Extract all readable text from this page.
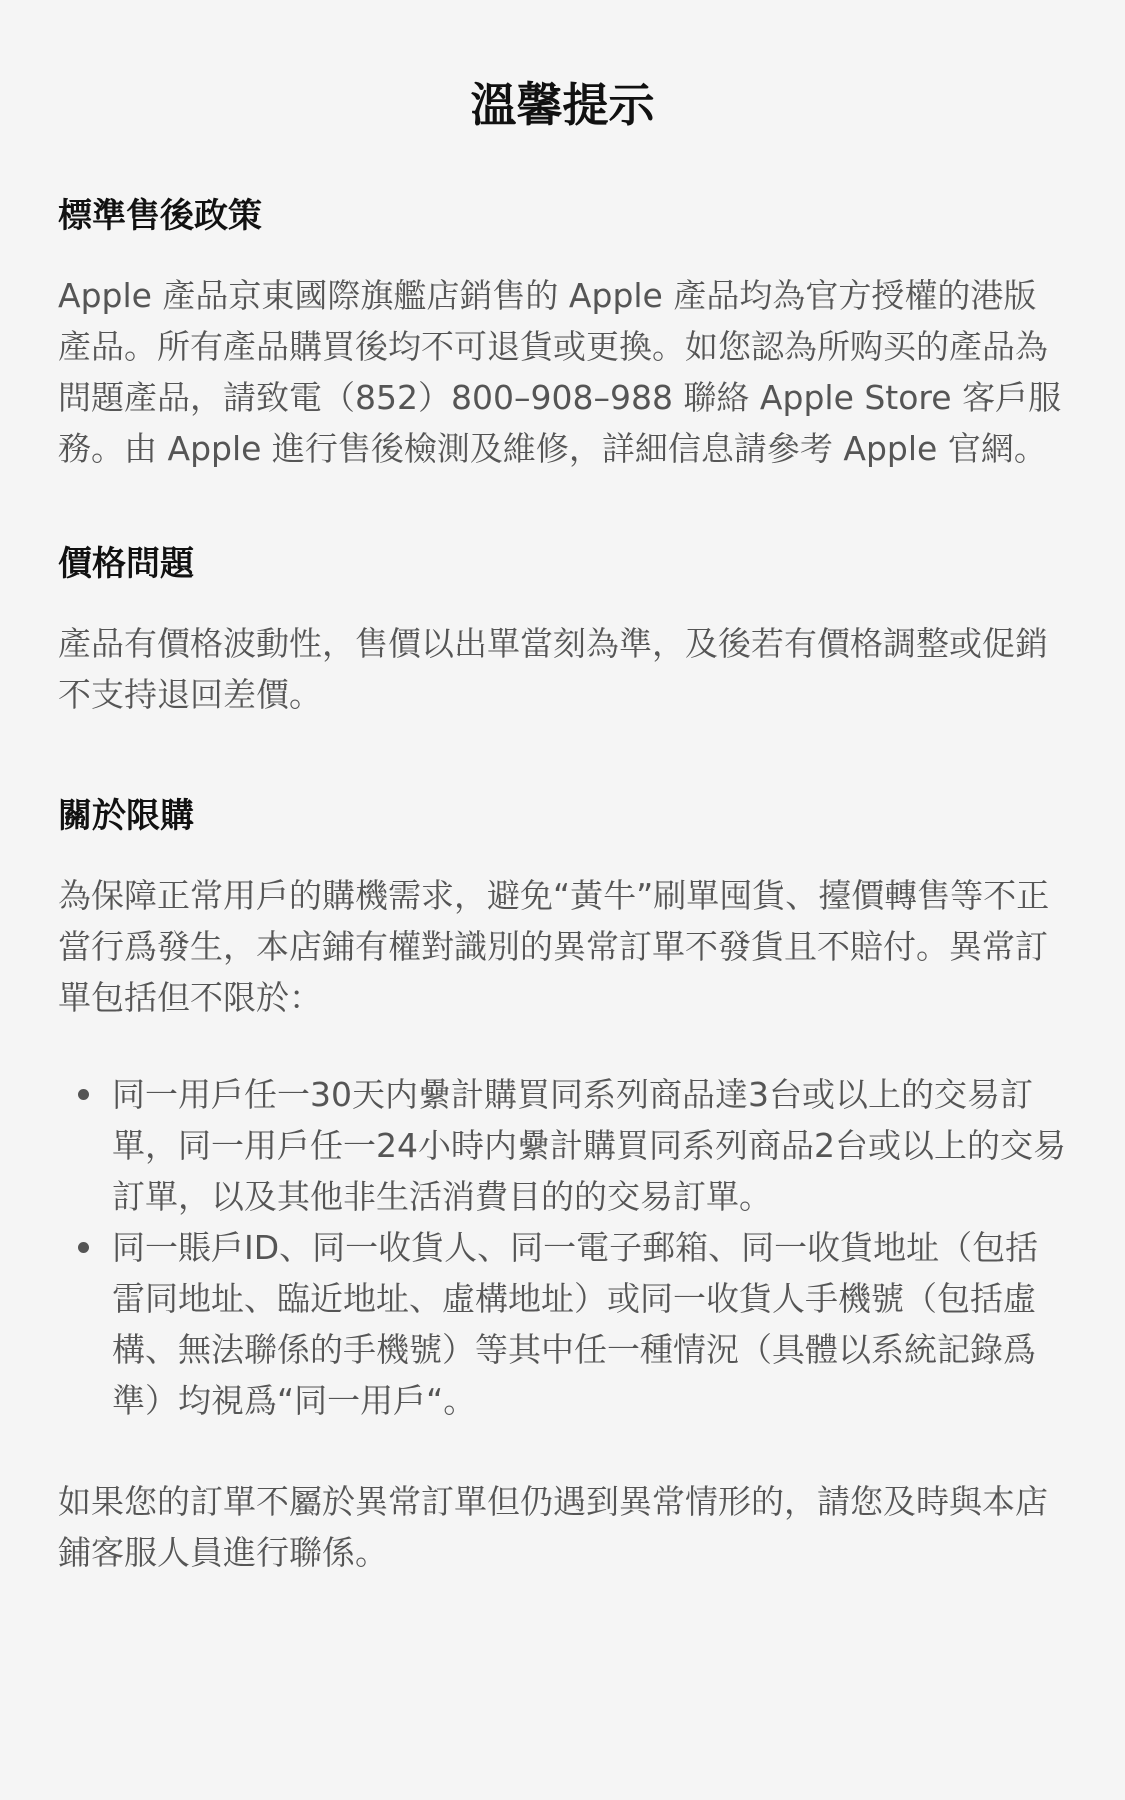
溫馨提示
標準售後政策

Apple 產品京東國際旗艦店銷售的 Apple 產品均為官方授權的港版產品。所有產品購買後均不可退貨或更換。如您認為所购买的產品為問題產品，請致電（852）800–908–988 聯絡 Apple Store 客戶服務。由 Apple 進行售後檢測及維修，詳細信息請參考 Apple 官網。

價格問題

產品有價格波動性，售價以出單當刻為準，及後若有價格調整或促銷不支持退回差價。

關於限購

為保障正常用戶的購機需求，避免“黃牛”刷單囤貨、擡價轉售等不正當行爲發生，本店鋪有權對識別的異常訂單不發貨且不賠付。異常訂單包括但不限於：

同一用戶任一30天内纍計購買同系列商品達3台或以上的交易訂單，同一用戶任一24小時内纍計購買同系列商品2台或以上的交易訂單，以及其他非生活消費目的的交易訂單。
同一賬戶ID、同一收貨人、同一電子郵箱、同一收貨地址（包括雷同地址、臨近地址、虛構地址）或同一收貨人手機號（包括虛構、無法聯係的手機號）等其中任一種情況（具體以系統記錄爲準）均視爲“同一用戶“。

如果您的訂單不屬於異常訂單但仍遇到異常情形的，請您及時與本店鋪客服人員進行聯係。
